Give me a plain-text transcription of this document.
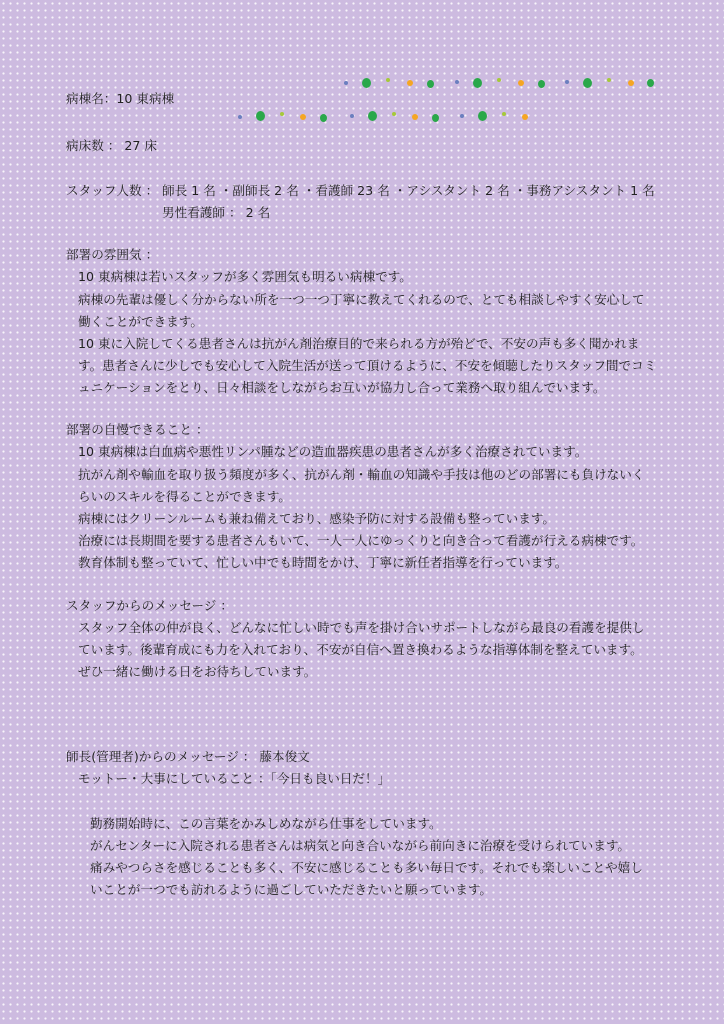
病棟名：10 東病棟
病床数 ： 27 床
スタッフ人数 ： 師長 1 名 ・副師長 2 名 ・看護師 23 名 ・アシスタント 2 名 ・事務アシスタント 1 名
男性看護師 ： 2 名
部署の雰囲気 ：
10 東病棟は若いスタッフが多く雰囲気も明るい病棟です。
病棟の先輩は優しく分からない所を一つ一つ丁寧に教えてくれるので、とても相談しやすく安心して
働くことができます。
10 東に入院してくる患者さんは抗がん剤治療目的で来られる方が殆どで、不安の声も多く聞かれま
す。患者さんに少しでも安心して入院生活が送って頂けるように、不安を傾聴したりスタッフ間でコミ
ュニケーションをとり、日々相談をしながらお互いが協力し合って業務へ取り組んでいます。
部署の自慢できること ：
10 東病棟は白血病や悪性リンパ腫などの造血器疾患の患者さんが多く治療されています。
抗がん剤や輸血を取り扱う頻度が多く、抗がん剤・輸血の知識や手技は他のどの部署にも負けないく
らいのスキルを得ることができます。
病棟にはクリーンルームも兼ね備えており、感染予防に対する設備も整っています。
治療には長期間を要する患者さんもいて、一人一人にゆっくりと向き合って看護が行える病棟です。
教育体制も整っていて、忙しい中でも時間をかけ、丁寧に新任者指導を行っています。
スタッフからのメッセージ ：
スタッフ全体の仲が良く、どんなに忙しい時でも声を掛け合いサポートしながら最良の看護を提供し
ています。後輩育成にも力を入れており、不安が自信へ置き換わるような指導体制を整えています。
ぜひ一緒に働ける日をお待ちしています。
師長(管理者)からのメッセージ ： 藤本俊文
モットー・大事にしていること ：「今日も良い日だ！」
勤務開始時に、この言葉をかみしめながら仕事をしています。
がんセンターに入院される患者さんは病気と向き合いながら前向きに治療を受けられています。
痛みやつらさを感じることも多く、不安に感じることも多い毎日です。それでも楽しいことや嬉し
いことが一つでも訪れるように過ごしていただきたいと願っています。
